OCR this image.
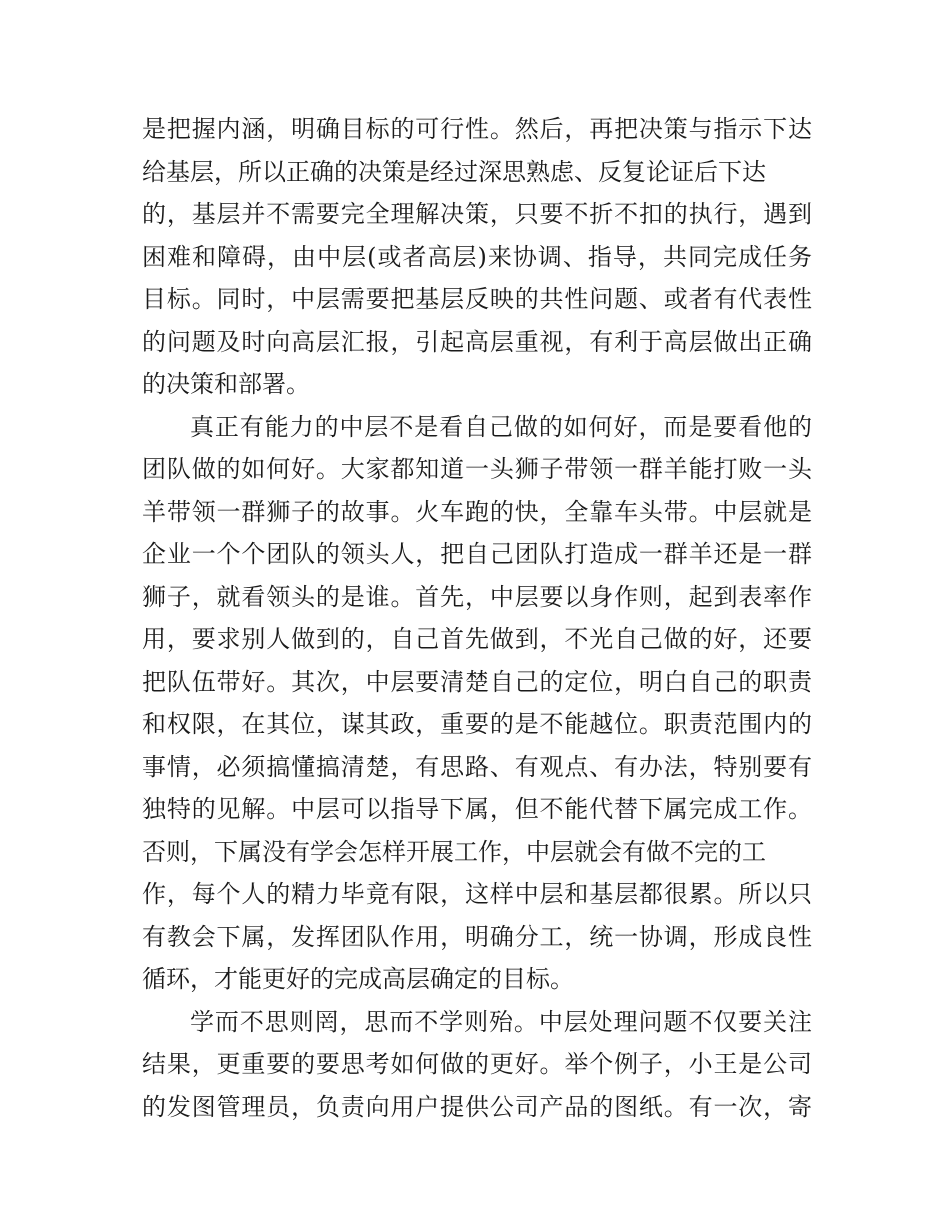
是把握内涵，明确目标的可行性。然后，再把决策与指示下达
给基层，所以正确的决策是经过深思熟虑、反复论证后下达
的，基层并不需要完全理解决策，只要不折不扣的执行，遇到
困难和障碍，由中层(或者高层)来协调、指导，共同完成任务
目标。同时，中层需要把基层反映的共性问题、或者有代表性
的问题及时向高层汇报，引起高层重视，有利于高层做出正确
的决策和部署。
真正有能力的中层不是看自己做的如何好，而是要看他的
团队做的如何好。大家都知道一头狮子带领一群羊能打败一头
羊带领一群狮子的故事。火车跑的快，全靠车头带。中层就是
企业一个个团队的领头人，把自己团队打造成一群羊还是一群
狮子，就看领头的是谁。首先，中层要以身作则，起到表率作
用，要求别人做到的，自己首先做到，不光自己做的好，还要
把队伍带好。其次，中层要清楚自己的定位，明白自己的职责
和权限，在其位，谋其政，重要的是不能越位。职责范围内的
事情，必须搞懂搞清楚，有思路、有观点、有办法，特别要有
独特的见解。中层可以指导下属，但不能代替下属完成工作。
否则，下属没有学会怎样开展工作，中层就会有做不完的工
作，每个人的精力毕竟有限，这样中层和基层都很累。所以只
有教会下属，发挥团队作用，明确分工，统一协调，形成良性
循环，才能更好的完成高层确定的目标。
学而不思则罔，思而不学则殆。中层处理问题不仅要关注
结果，更重要的要思考如何做的更好。举个例子，小王是公司
的发图管理员，负责向用户提供公司产品的图纸。有一次，寄
